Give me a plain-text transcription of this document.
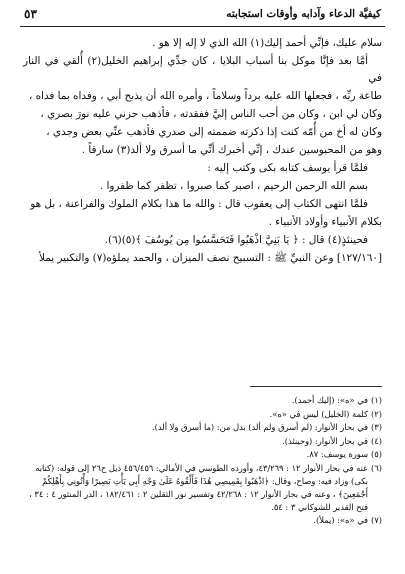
كيفيَّة الدعاء وآدابه وأوقات استجابته
٥٣

سلام عليك، فإنِّي أحمد إليك(١) الله الذي لا إله إلا هو .

أمَّا بعد فإنَّا موكل بنا أسباب البلايا ، كان جدِّي إبراهيم الخليل(٢) أُلقي في النار في

طاعة ربِّه ، فجعلها الله عليه برداً وسلاماً ، وأمره الله أن يذبح أبي ، وفداه بما فداه ،

وكان لي ابن ، وكان من أحب الناس إليَّ ففقدته ، فأذهب حزني عليه نورَ بصري ،

وكان له أخ من أُمّه كنت إذا ذكرته ضممته إلى صدري فأذهب عنِّي بعض وجدي ،

وهو من المحبوسين عندك ، إنِّي أخبرك أنِّي ما أسرق ولا ألد(٣) سارقاً .

فلمَّا قرأ يوسف كتابه بكى وكتب إليه :

بسم الله الرحمن الرحيم ، اصبر كما صبروا ، تظفر كما ظفروا .

فلمَّا انتهى الكتاب إلى يعقوب قال : والله ما هذا بكلام الملوك والفراعنة ، بل هو

بكلام الأنبياء وأولاد الأنبياء .

فحينئذٍ(٤) قال : ﴿ يَا بَنِيَّ اذْهَبُوا فَتَحَسَّسُوا مِن يُوسُفَ ﴾(٥)(٦).

[١٢٧/١٦٠] وعن النبيِّ ﷺ : التسبيح نصف الميزان ، والحمد يملؤه(٧) والتكبير يملأ

(١)
في «ه»: (إليك أحمد).

(٢)
كلمة (الخليل) ليس في «ه».

(٣)
في بحار الأنوار: (لم أسرق ولم ألد) بدل من: (ما أسرق ولا ألد).

(٤)
في بحار الأنوار: (وحينئذ).

(٥)
سورة يوسف: ٨٧.

(٦)
عنه في بحار الأنوار ١٢ : ٤٣/٢٦٩، وأورده الطوسي في الأمالي: ٤٥٦/٤٥٦ ذيل ح٢٦ إلى قوله: (كتابه بكى) وزاد فيه: وصاح، وقال: ﴿اذْهَبُوا بِقَمِيصِي هَٰذَا فَأَلْقُوهُ عَلَىٰ وَجْهِ أَبِي يَأْتِ بَصِيرًا وَأْتُونِي بِأَهْلِكُمْ أَجْمَعِينَ﴾ ، وعنه في بحار الأنوار ١٢ : ٤٢/٢٦٨ وتفسير نور الثقلين ٢ : ١٨٢/٤٦١ ، الدر المنثور ٤ : ٣٤ ، فتح القدير للشوكاني ٣ : ٥٤.

(٧)
في «ه»: (يملأ).
